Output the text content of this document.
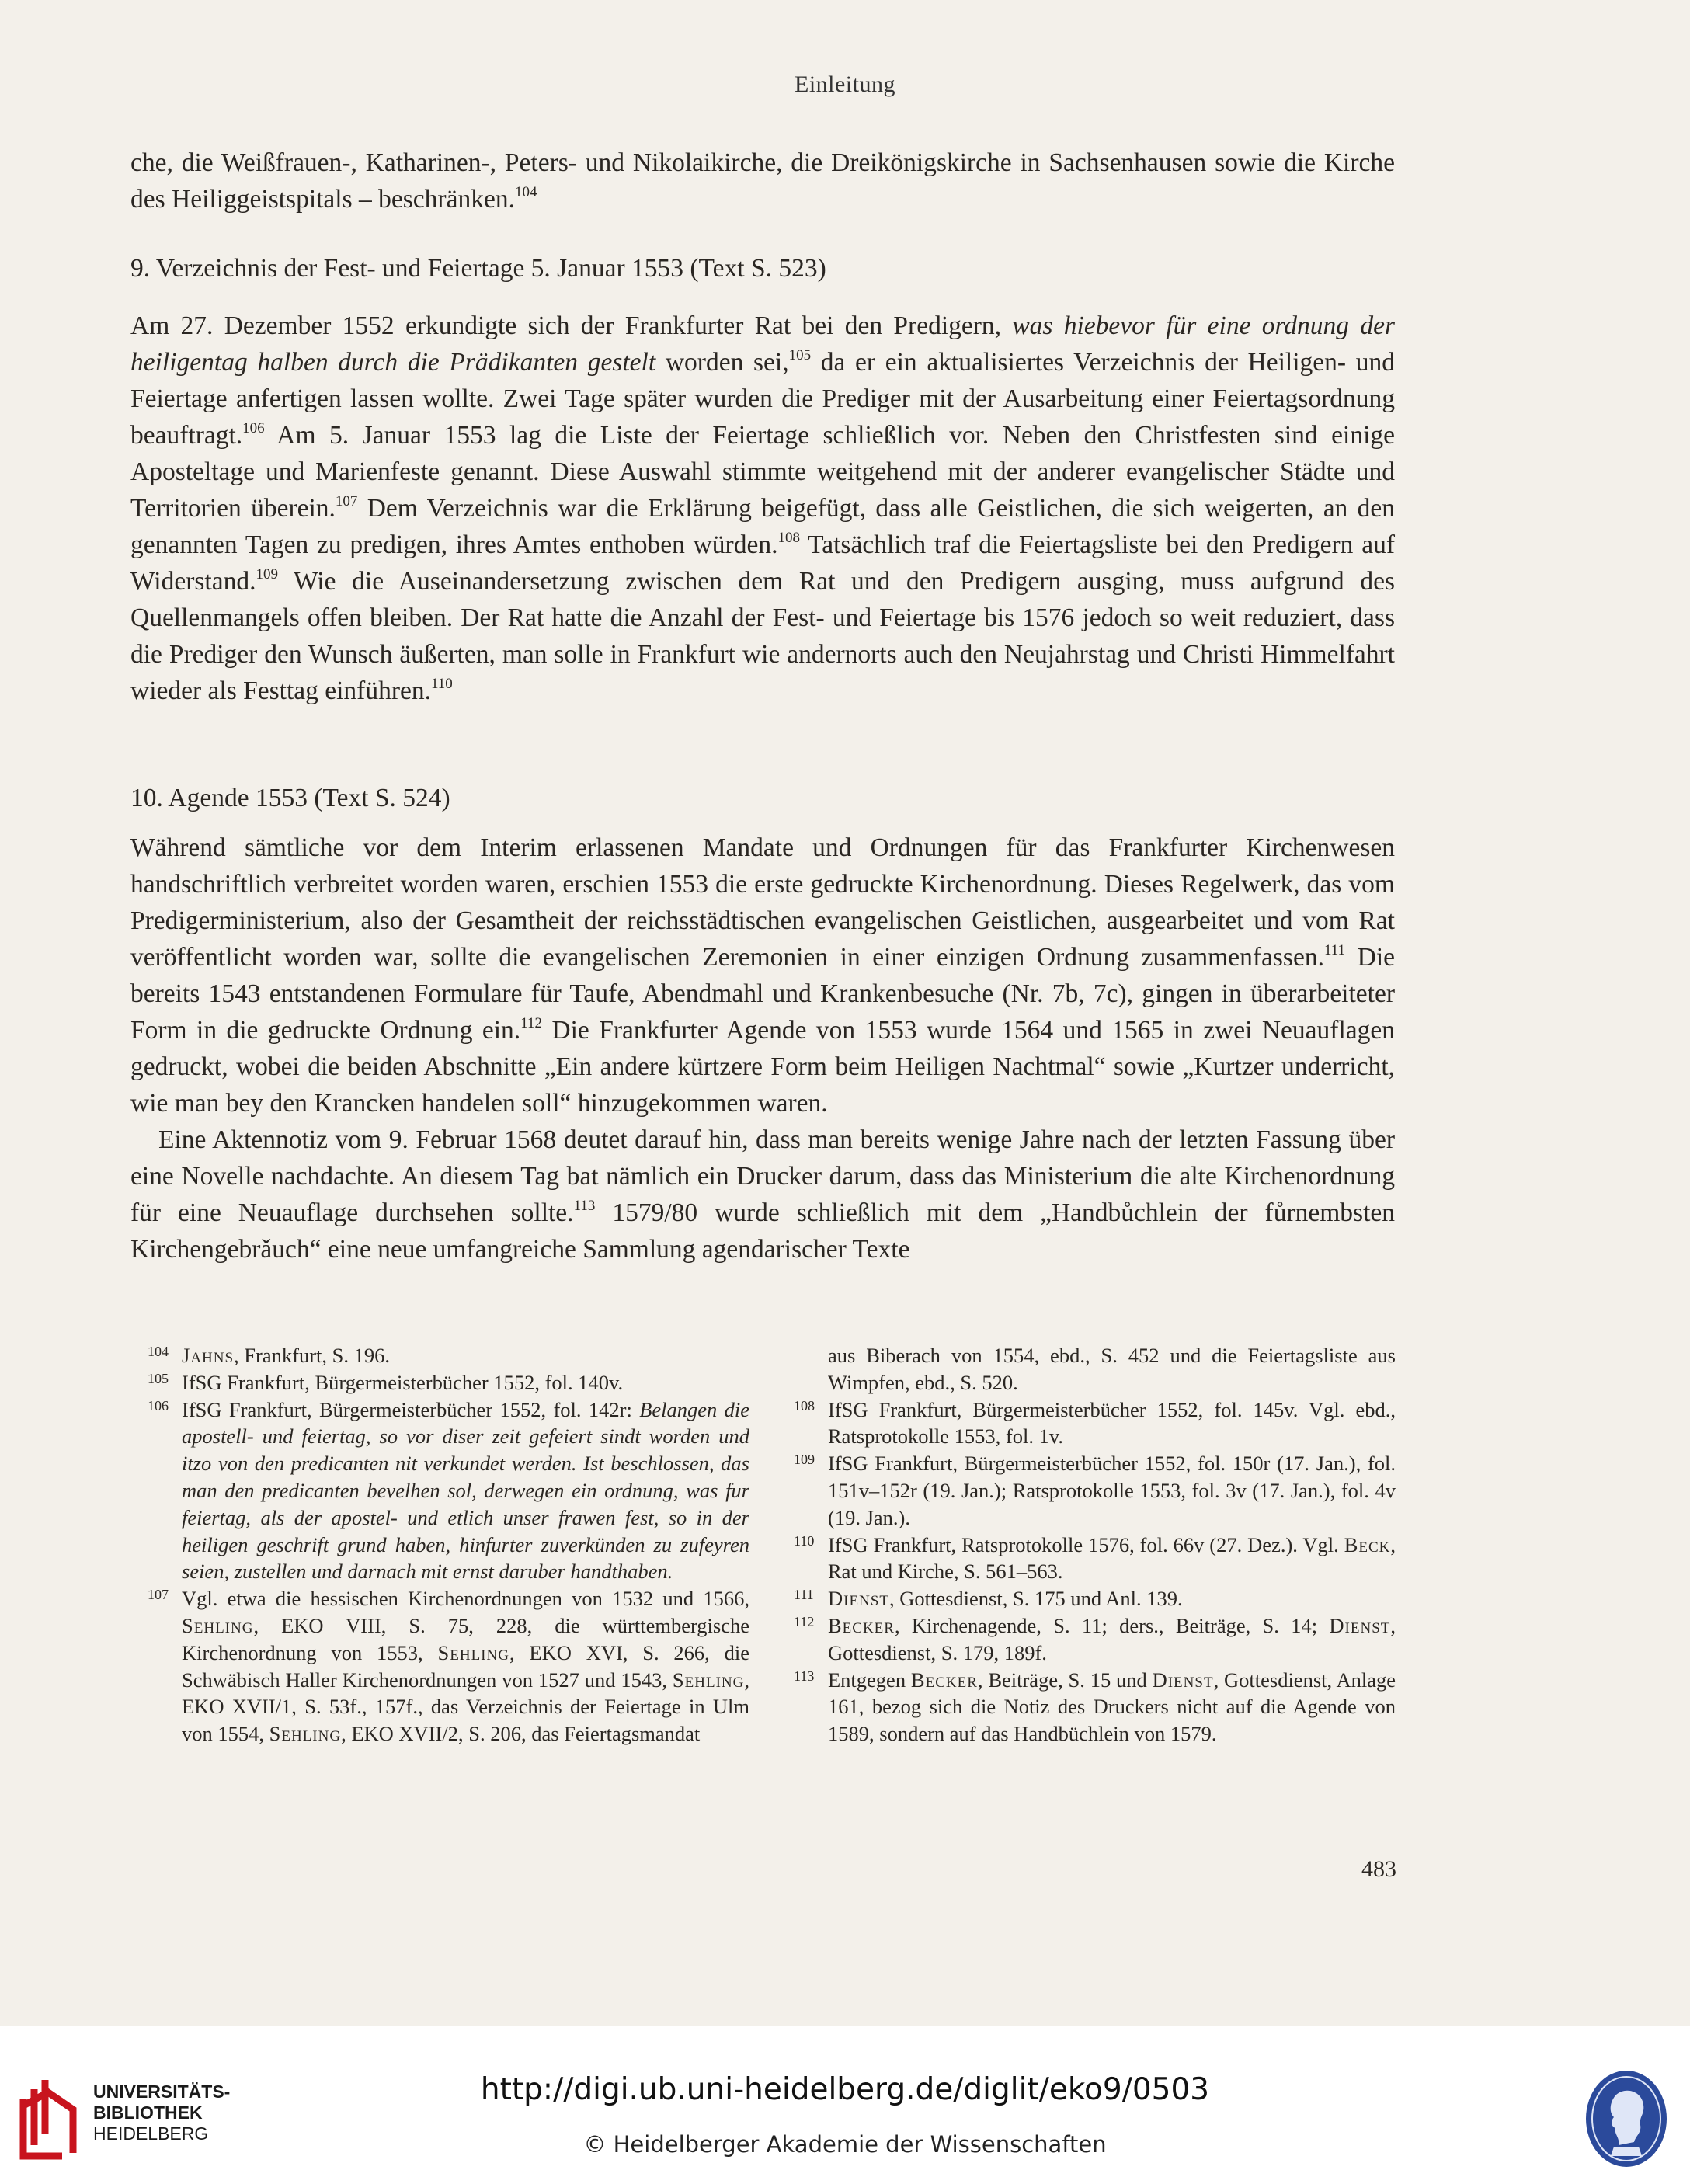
Einleitung

che, die Weißfrauen-, Katharinen-, Peters- und Nikolaikirche, die Dreikönigskirche in Sachsenhausen sowie die Kirche des Heiliggeistspitals – beschränken.$^{104}$

9. Verzeichnis der Fest- und Feiertage 5. Januar 1553 (Text S. 523)

Am 27. Dezember 1552 erkundigte sich der Frankfurter Rat bei den Predigern, was hiebevor für eine ordnung der heiligentag halben durch die Prädikanten gestelt worden sei,$^{105}$ da er ein aktualisiertes Verzeichnis der Heiligen- und Feiertage anfertigen lassen wollte. Zwei Tage später wurden die Prediger mit der Ausarbeitung einer Feiertagsordnung beauftragt.$^{106}$ Am 5. Januar 1553 lag die Liste der Feiertage schließlich vor. Neben den Christfesten sind einige Aposteltage und Marienfeste genannt. Diese Auswahl stimmte weitgehend mit der anderer evangelischer Städte und Territorien überein.$^{107}$ Dem Verzeichnis war die Erklärung beigefügt, dass alle Geistlichen, die sich weigerten, an den genannten Tagen zu predigen, ihres Amtes enthoben würden.$^{108}$ Tatsächlich traf die Feiertagsliste bei den Predigern auf Widerstand.$^{109}$ Wie die Auseinandersetzung zwischen dem Rat und den Predigern ausging, muss aufgrund des Quellenmangels offen bleiben. Der Rat hatte die Anzahl der Fest- und Feiertage bis 1576 jedoch so weit reduziert, dass die Prediger den Wunsch äußerten, man solle in Frankfurt wie andernorts auch den Neujahrstag und Christi Himmelfahrt wieder als Festtag einführen.$^{110}$

10. Agende 1553 (Text S. 524)

Während sämtliche vor dem Interim erlassenen Mandate und Ordnungen für das Frankfurter Kirchenwesen handschriftlich verbreitet worden waren, erschien 1553 die erste gedruckte Kirchenordnung. Dieses Regelwerk, das vom Predigerministerium, also der Gesamtheit der reichsstädtischen evangelischen Geistlichen, ausgearbeitet und vom Rat veröffentlicht worden war, sollte die evangelischen Zeremonien in einer einzigen Ordnung zusammenfassen.$^{111}$ Die bereits 1543 entstandenen Formulare für Taufe, Abendmahl und Krankenbesuche (Nr. 7b, 7c), gingen in überarbeiteter Form in die gedruckte Ordnung ein.$^{112}$ Die Frankfurter Agende von 1553 wurde 1564 und 1565 in zwei Neuauflagen gedruckt, wobei die beiden Abschnitte „Ein andere kürtzere Form beim Heiligen Nachtmal“ sowie „Kurtzer underricht, wie man bey den Krancken handelen soll“ hinzugekommen waren.

Eine Aktennotiz vom 9. Februar 1568 deutet darauf hin, dass man bereits wenige Jahre nach der letzten Fassung über eine Novelle nachdachte. An diesem Tag bat nämlich ein Drucker darum, dass das Ministerium die alte Kirchenordnung für eine Neuauflage durchsehen sollte.$^{113}$ 1579/80 wurde schließlich mit dem „Handbůchlein der fůrnembsten Kirchengebrǎuch“ eine neue umfangreiche Sammlung agendarischer Texte

104 Jahns, Frankfurt, S. 196.

105 IfSG Frankfurt, Bürgermeisterbücher 1552, fol. 140v.

106 IfSG Frankfurt, Bürgermeisterbücher 1552, fol. 142r: Belangen die apostell- und feiertag, so vor diser zeit gefeiert sindt worden und itzo von den predicanten nit verkundet werden. Ist beschlossen, das man den predicanten bevelhen sol, derwegen ein ordnung, was fur feiertag, als der apostel- und etlich unser frawen fest, so in der heiligen geschrift grund haben, hinfurter zuverkünden zu zufeyren seien, zustellen und darnach mit ernst daruber handthaben.

107 Vgl. etwa die hessischen Kirchenordnungen von 1532 und 1566, Sehling, EKO VIII, S. 75, 228, die württembergische Kirchenordnung von 1553, Sehling, EKO XVI, S. 266, die Schwäbisch Haller Kirchenordnungen von 1527 und 1543, Sehling, EKO XVII/1, S. 53f., 157f., das Verzeichnis der Feiertage in Ulm von 1554, Sehling, EKO XVII/2, S. 206, das Feiertagsmandat

aus Biberach von 1554, ebd., S. 452 und die Feiertagsliste aus Wimpfen, ebd., S. 520.

108 IfSG Frankfurt, Bürgermeisterbücher 1552, fol. 145v. Vgl. ebd., Ratsprotokolle 1553, fol. 1v.

109 IfSG Frankfurt, Bürgermeisterbücher 1552, fol. 150r (17. Jan.), fol. 151v–152r (19. Jan.); Ratsprotokolle 1553, fol. 3v (17. Jan.), fol. 4v (19. Jan.).

110 IfSG Frankfurt, Ratsprotokolle 1576, fol. 66v (27. Dez.). Vgl. Beck, Rat und Kirche, S. 561–563.

111 Dienst, Gottesdienst, S. 175 und Anl. 139.

112 Becker, Kirchenagende, S. 11; ders., Beiträge, S. 14; Dienst, Gottesdienst, S. 179, 189f.

113 Entgegen Becker, Beiträge, S. 15 und Dienst, Gottesdienst, Anlage 161, bezog sich die Notiz des Druckers nicht auf die Agende von 1589, sondern auf das Handbüchlein von 1579.

483
UNIVERSITÄTS-
BIBLIOTHEK
HEIDELBERG
http://digi.ub.uni-heidelberg.de/diglit/eko9/0503
© Heidelberger Akademie der Wissenschaften
